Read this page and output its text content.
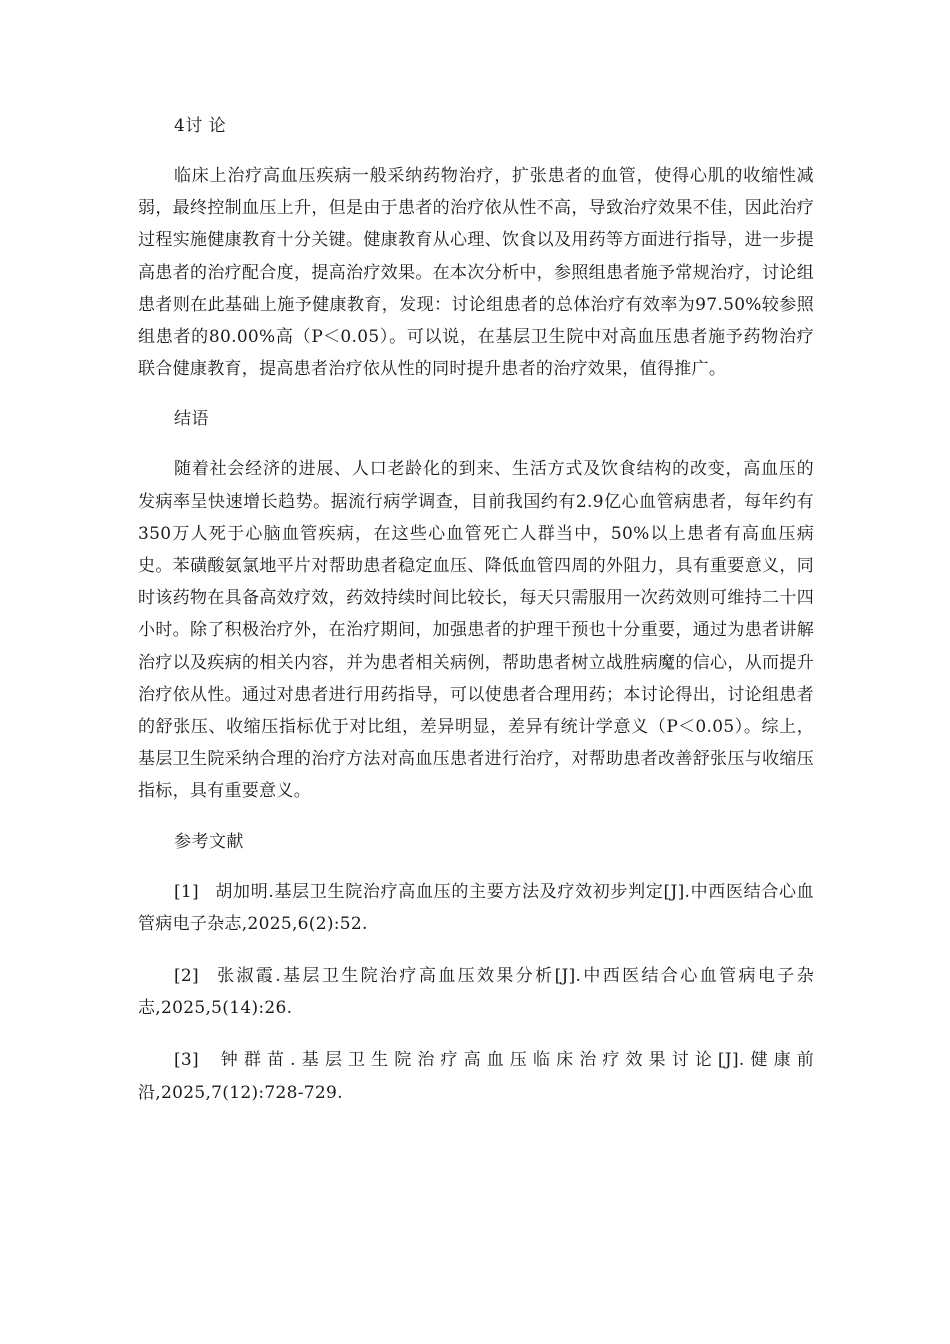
4讨 论

临床上治疗高血压疾病一般采纳药物治疗，扩张患者的血管，使得心肌的收缩性减弱，最终控制血压上升，但是由于患者的治疗依从性不高，导致治疗效果不佳，因此治疗过程实施健康教育十分关键。健康教育从心理、饮食以及用药等方面进行指导，进一步提高患者的治疗配合度，提高治疗效果。在本次分析中，参照组患者施予常规治疗，讨论组患者则在此基础上施予健康教育，发现：讨论组患者的总体治疗有效率为97.50%较参照组患者的80.00%高（P＜0.05）。可以说，在基层卫生院中对高血压患者施予药物治疗联合健康教育，提高患者治疗依从性的同时提升患者的治疗效果，值得推广。

结语

随着社会经济的进展、人口老龄化的到来、生活方式及饮食结构的改变，高血压的发病率呈快速增长趋势。据流行病学调查，目前我国约有2.9亿心血管病患者，每年约有350万人死于心脑血管疾病，在这些心血管死亡人群当中，50%以上患者有高血压病史。苯磺酸氨氯地平片对帮助患者稳定血压、降低血管四周的外阻力，具有重要意义，同时该药物在具备高效疗效，药效持续时间比较长，每天只需服用一次药效则可维持二十四小时。除了积极治疗外，在治疗期间，加强患者的护理干预也十分重要，通过为患者讲解治疗以及疾病的相关内容，并为患者相关病例，帮助患者树立战胜病魔的信心，从而提升治疗依从性。通过对患者进行用药指导，可以使患者合理用药；本讨论得出，讨论组患者的舒张压、收缩压指标优于对比组，差异明显，差异有统计学意义（P＜0.05）。综上，基层卫生院采纳合理的治疗方法对高血压患者进行治疗，对帮助患者改善舒张压与收缩压指标，具有重要意义。

参考文献

[1] 胡加明.基层卫生院治疗高血压的主要方法及疗效初步判定[J].中西医结合心血管病电子杂志,2025,6(2):52.

[2] 张淑霞.基层卫生院治疗高血压效果分析[J].中西医结合心血管病电子杂志,2025,5(14):26.

[3] 钟群苗.基层卫生院治疗高血压临床治疗效果讨论[J].健康前沿,2025,7(12):728-729.
